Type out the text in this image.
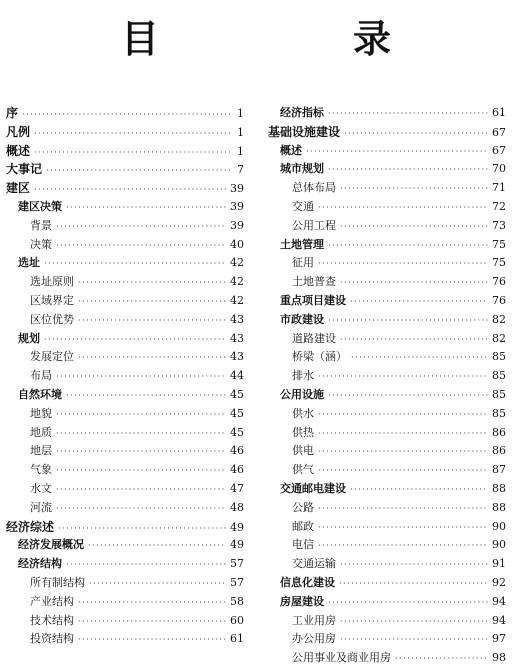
目　录
序 ·····	1
凡例 ·····	1
概述 ·····	1
大事记 ·····	7
建区 ·····	39
建区决策 ·····	39
背景 ·····	39
决策 ·····	40
选址 ·····	42
选址原则 ·····	42
区域界定 ·····	42
区位优势 ·····	43
规划 ·····	43
发展定位 ·····	43
布局 ·····	44
自然环境 ·····	45
地貌 ·····	45
地质 ·····	45
地层 ·····	46
气象 ·····	46
水文 ·····	47
河流 ·····	48
经济综述 ·····	49
经济发展概况 ·····	49
经济结构 ·····	57
所有制结构 ·····	57
产业结构 ·····	58
技术结构 ·····	60
投资结构 ·····	61
经济指标 ·····	61
基础设施建设 ·····	67
概述 ·····	67
城市规划 ·····	70
总体布局 ·····	71
交通 ·····	72
公用工程 ·····	73
土地管理 ·····	75
征用 ·····	75
土地普查 ·····	76
重点项目建设 ·····	76
市政建设 ·····	82
道路建设 ·····	82
桥梁（涵） ·····	85
排水 ·····	85
公用设施 ·····	85
供水 ·····	85
供热 ·····	86
供电 ·····	86
供气 ·····	87
交通邮电建设 ·····	88
公路 ·····	88
邮政 ·····	90
电信 ·····	90
交通运输 ·····	91
信息化建设 ·····	92
房屋建设 ·····	94
工业用房 ·····	94
办公用房 ·····	97
公用事业及商业用房 ·····	98
